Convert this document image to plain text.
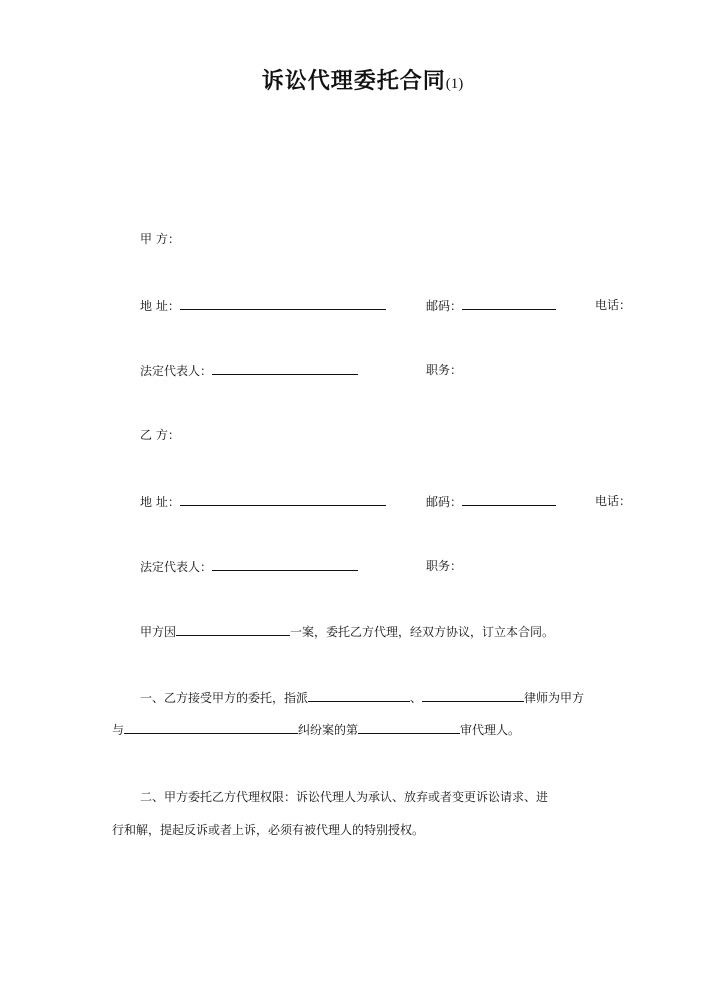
诉讼代理委托合同(1)
甲 方：
地 址：	邮码：	电话：
法定代表人：	职务：
乙 方：
地 址：	邮码：	电话：
法定代表人：	职务：
甲方因	一案，委托乙方代理，经双方协议，订立本合同。
一、乙方接受甲方的委托，指派	、	律师为甲方
与	纠纷案的第	审代理人。
二、甲方委托乙方代理权限：诉讼代理人为承认、放弃或者变更诉讼请求、进
行和解，提起反诉或者上诉，必须有被代理人的特别授权。
